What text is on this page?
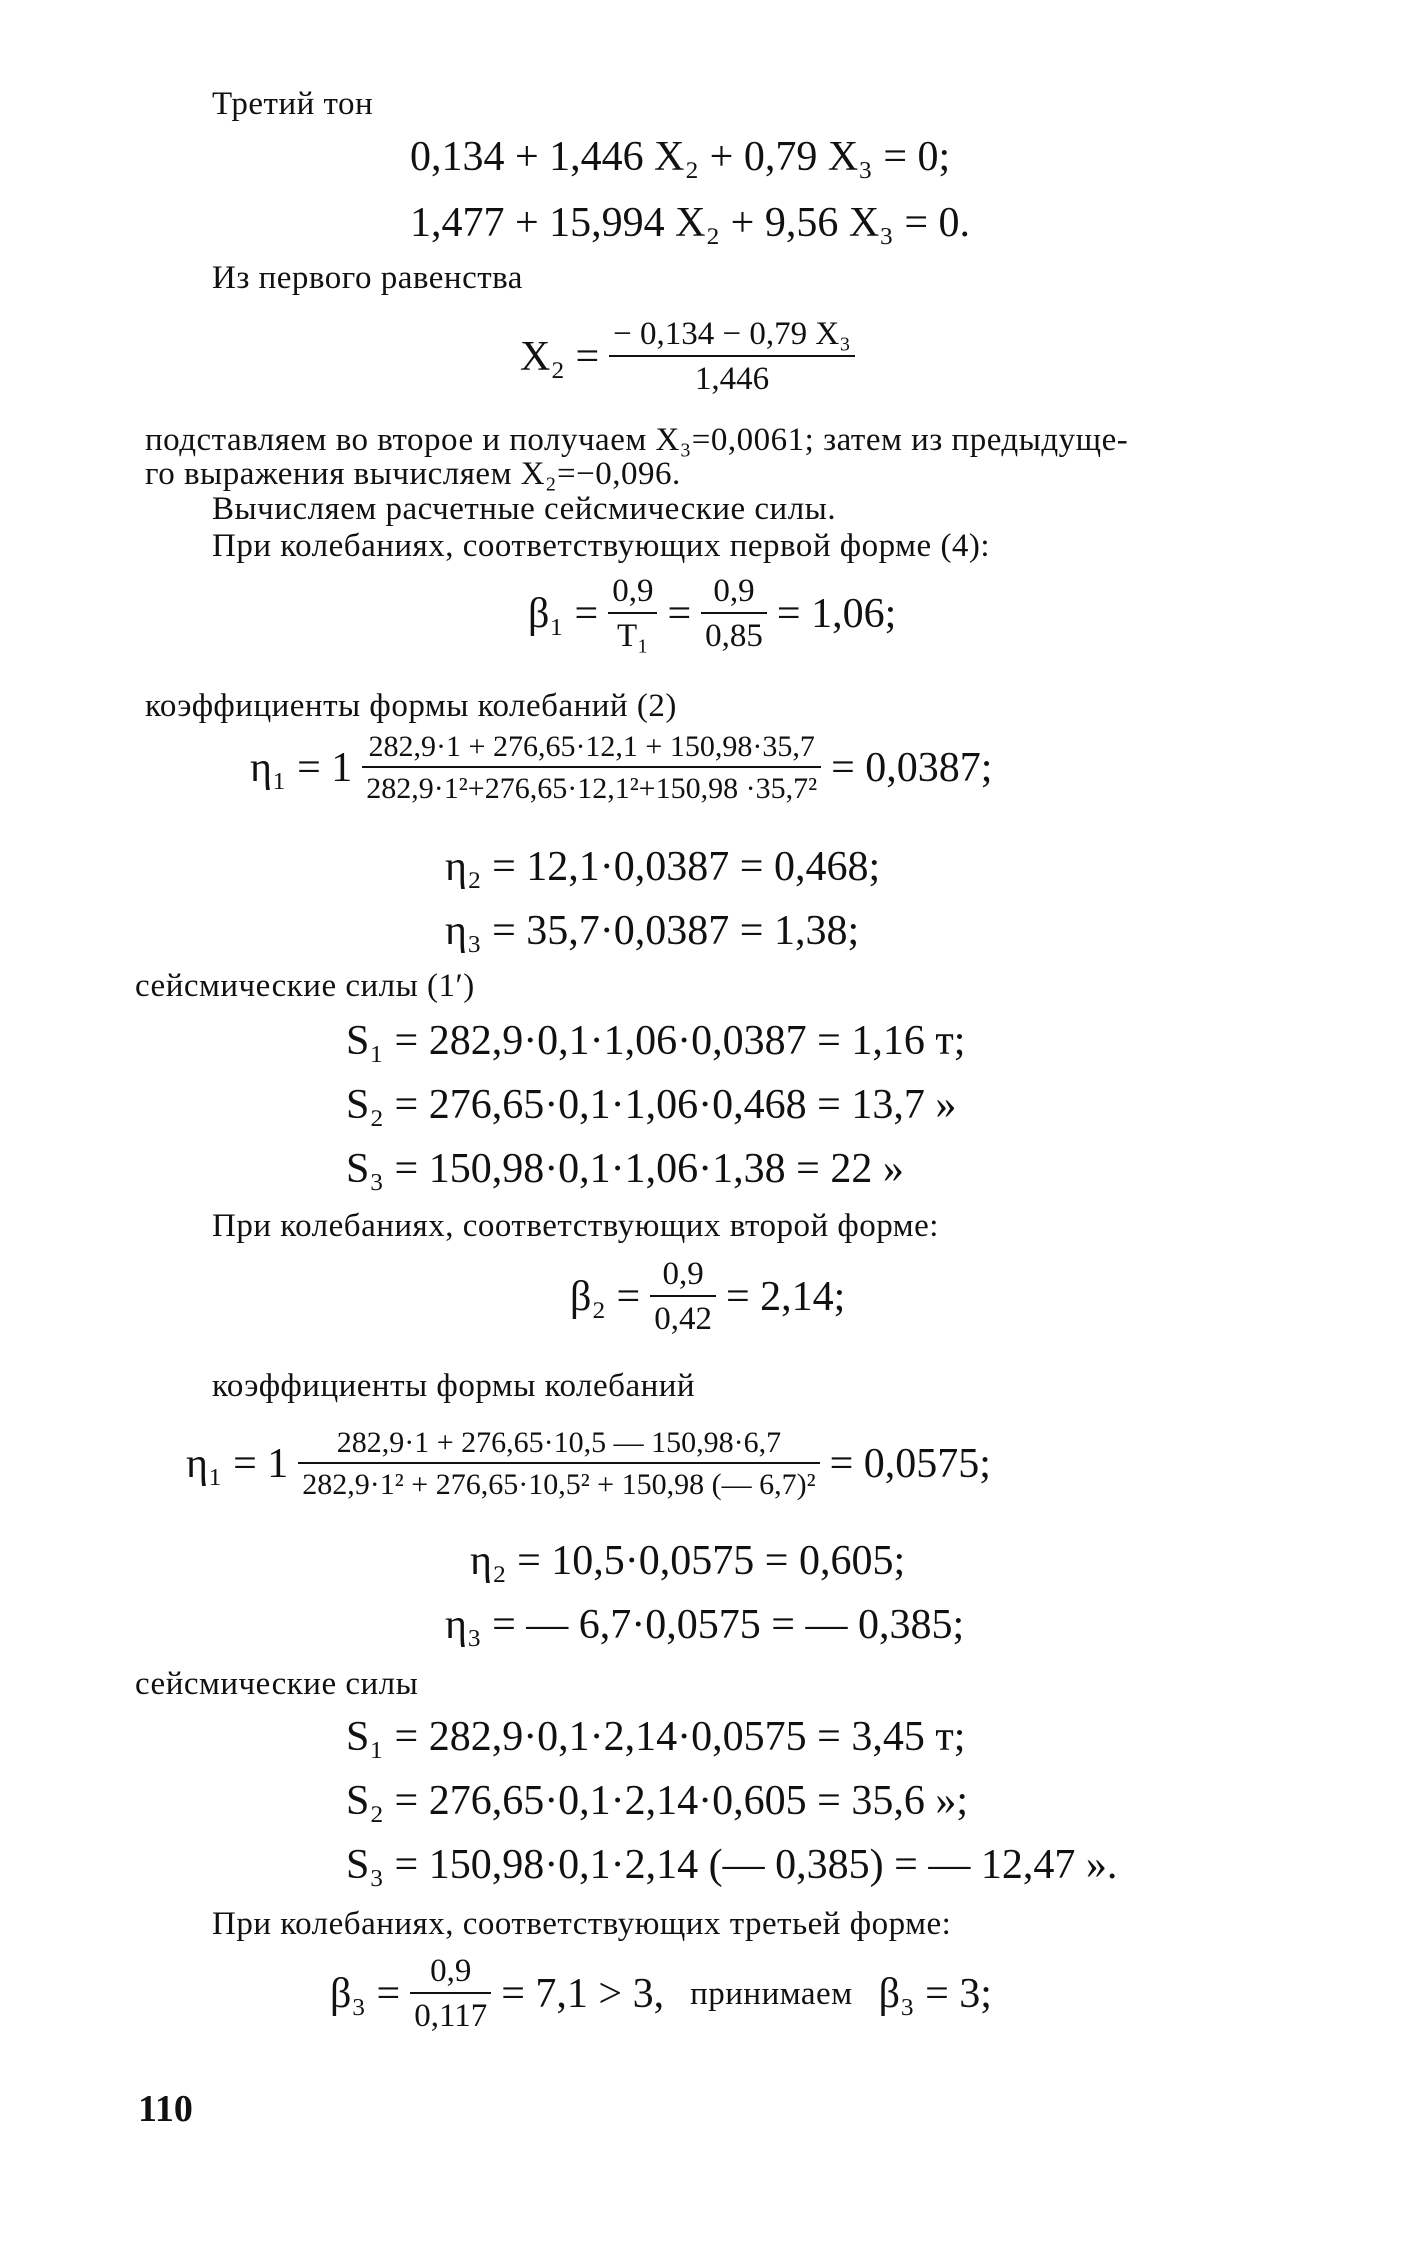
Третий тон
0,134 + 1,446 X₂ + 0,79 X₃ = 0;
1,477 + 15,994 X₂ + 9,56 X₃ = 0.
Из первого равенства
$X_2 = \frac{\text{− 0,134 − 0,79 X₃}}{1,446}$
подставляем во второе и получаем X₃=0,0061; затем из предыдуще-
го выражения вычисляем X₂=−0,096.
Вычисляем расчетные сейсмические силы.
При колебаниях, соответствующих первой форме (4):
$\beta_1 = \frac{0,9}{\text{T₁}} = \frac{0,9}{0,85} = 1,06$;
коэффициенты формы колебаний (2)
$\eta_1 = 1 \frac{282,9\cdot 1 + 276,65\cdot 12,1 + 150,98\cdot 35,7}{\text{282,9·1²+276,65·12,1²+150,98 ·35,7²}} = 0,0387$;
η₂ = 12,1·0,0387 = 0,468;
η₃ = 35,7·0,0387 = 1,38;
сейсмические силы (1′)
S₁ = 282,9·0,1·1,06·0,0387 = 1,16 т;
S₂ = 276,65·0,1·1,06·0,468 = 13,7 »
S₃ = 150,98·0,1·1,06·1,38 = 22 »
При колебаниях, соответствующих второй форме:
$\beta_2 = \frac{0,9}{0,42} = 2,14$;
коэффициенты формы колебаний
$\eta_1 = 1 \frac{282,9\cdot 1 + 276,65\cdot 10,5 — 150,98\cdot 6,7}{\text{282,9·1² + 276,65·10,5² + 150,98 (— 6,7)²}} = 0,0575$;
η₂ = 10,5·0,0575 = 0,605;
η₃ = — 6,7·0,0575 = — 0,385;
сейсмические силы
S₁ = 282,9·0,1·2,14·0,0575 = 3,45 т;
S₂ = 276,65·0,1·2,14·0,605 = 35,6 »;
S₃ = 150,98·0,1·2,14 (— 0,385) = — 12,47 ».
При колебаниях, соответствующих третьей форме:
$\beta_3 = \frac{0,9}{0,117} = 7,1 > 3$, принимаем β₃ = 3;
110
